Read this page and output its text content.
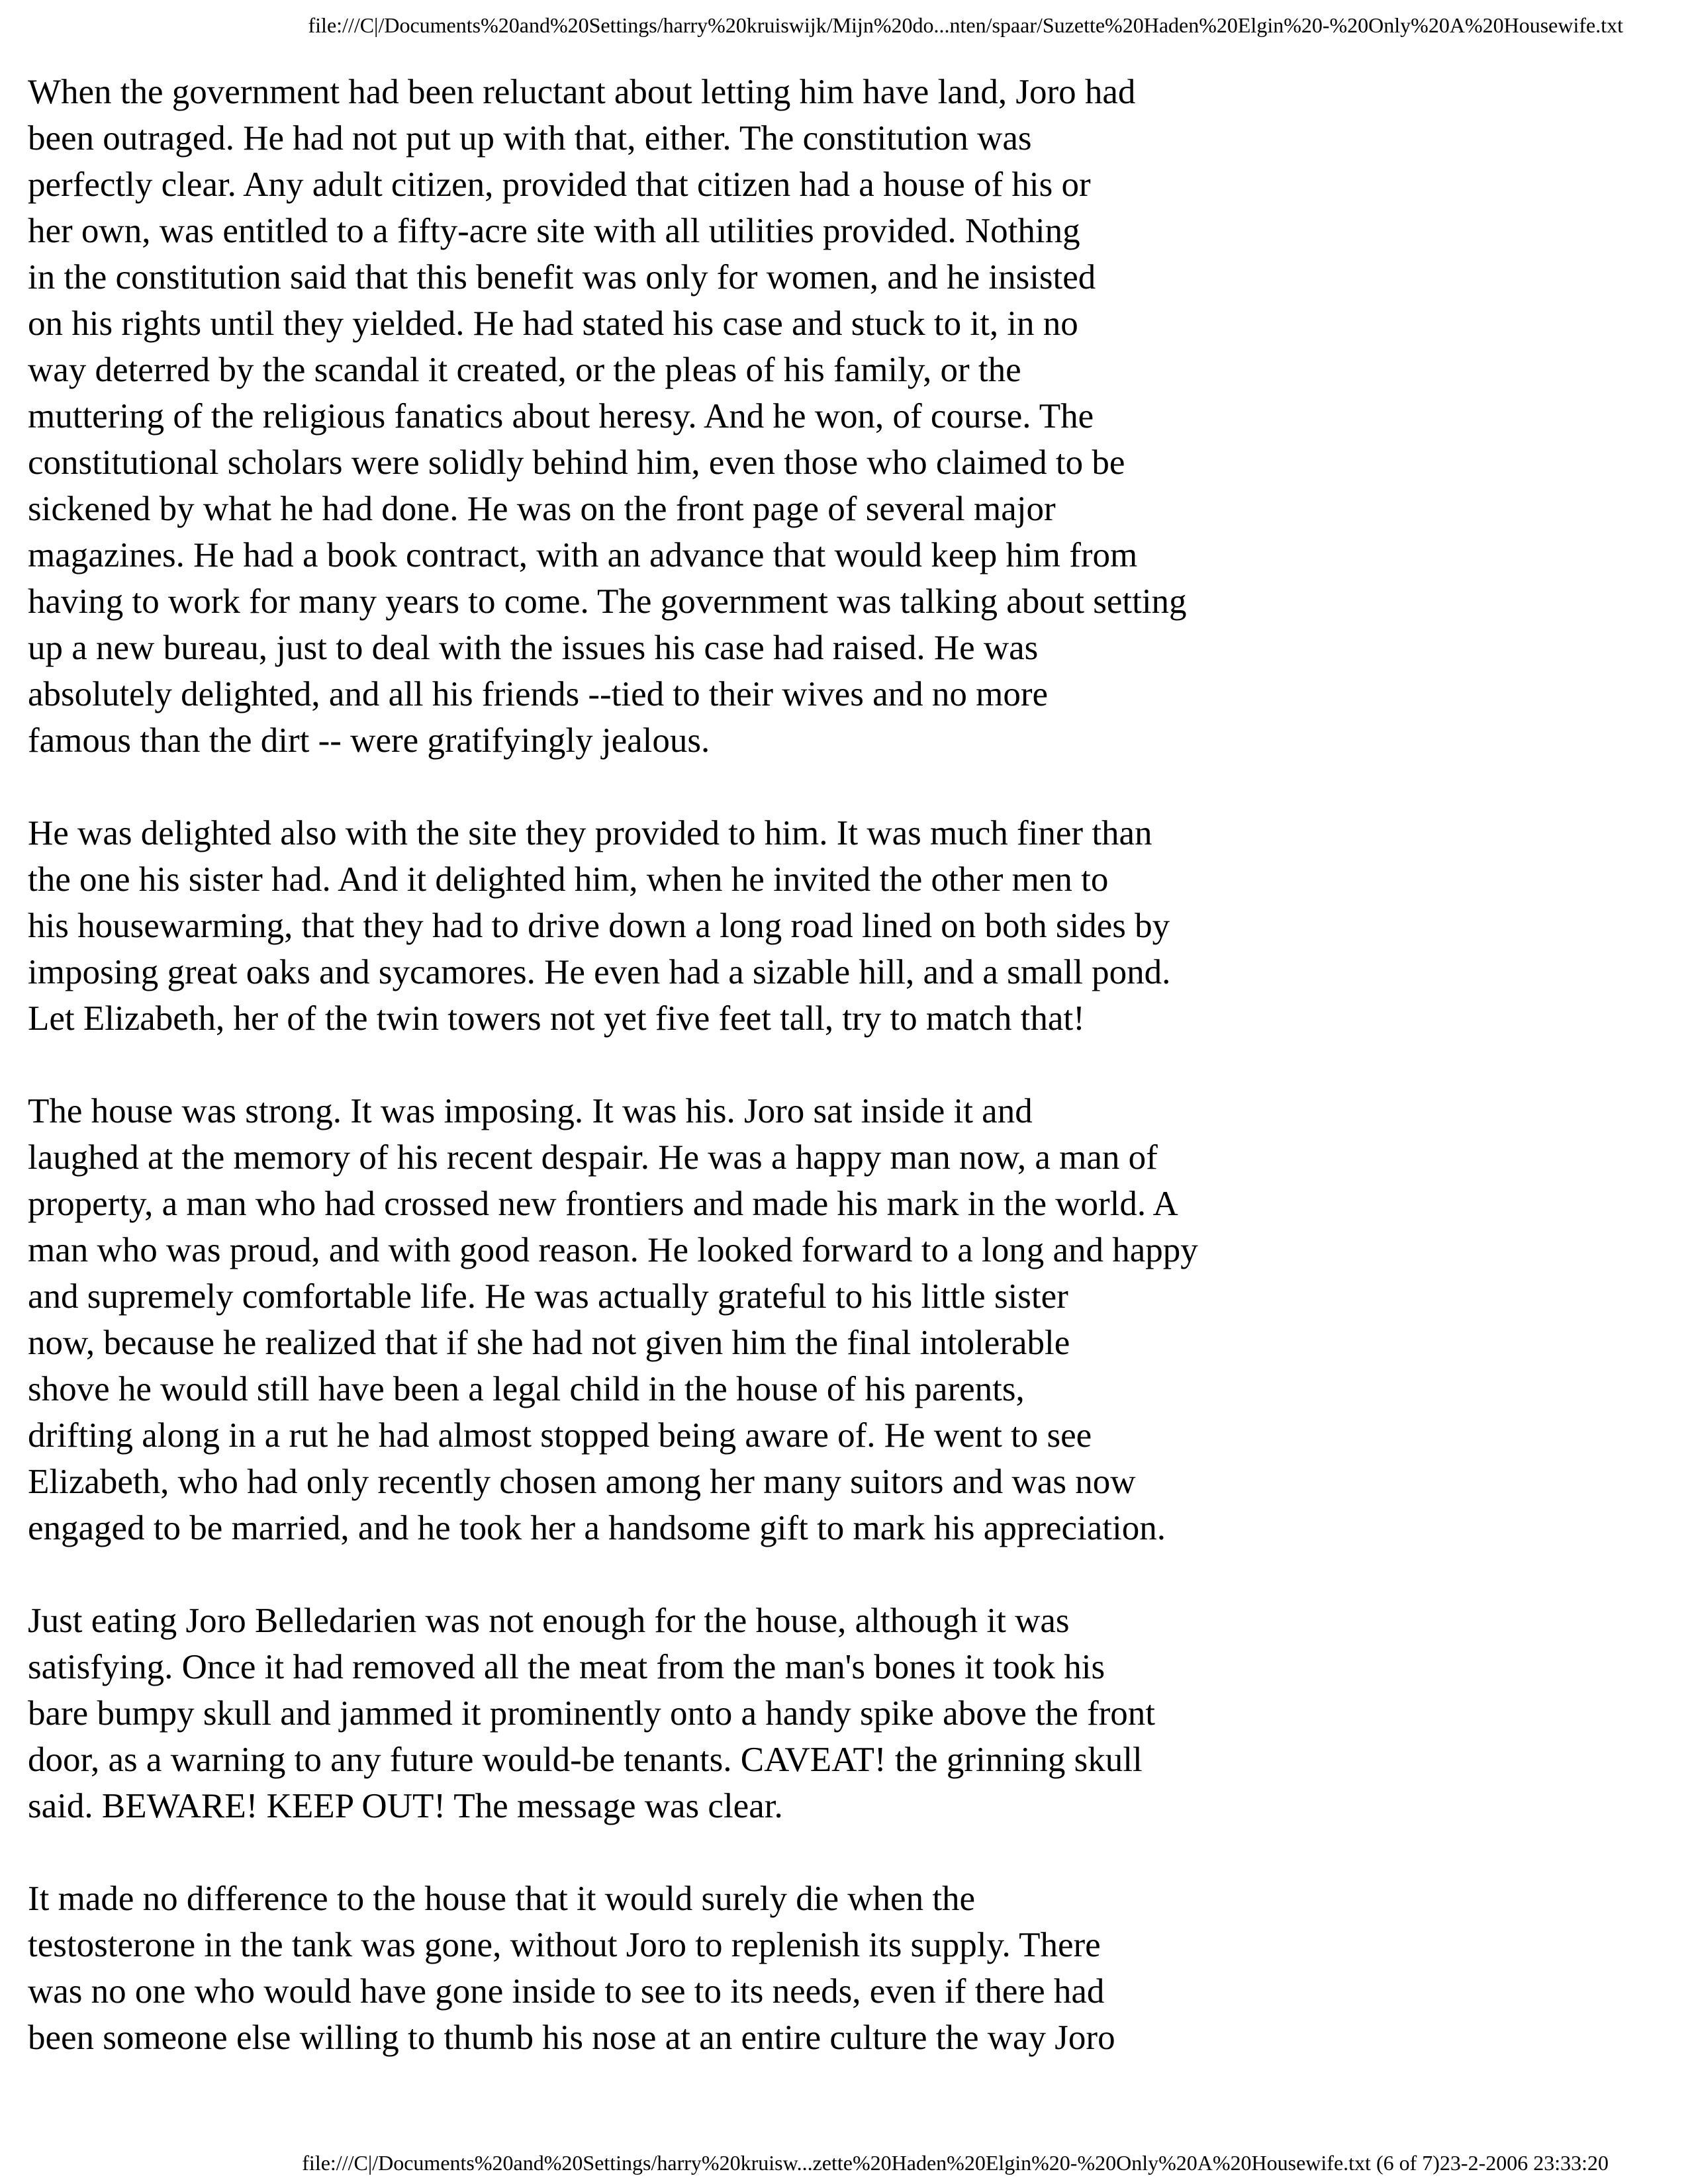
file:///C|/Documents%20and%20Settings/harry%20kruiswijk/Mijn%20do...nten/spaar/Suzette%20Haden%20Elgin%20-%20Only%20A%20Housewife.txt
When the government had been reluctant about letting him have land, Joro had
been outraged. He had not put up with that, either. The constitution was
perfectly clear. Any adult citizen, provided that citizen had a house of his or
her own, was entitled to a fifty-acre site with all utilities provided. Nothing
in the constitution said that this benefit was only for women, and he insisted
on his rights until they yielded. He had stated his case and stuck to it, in no
way deterred by the scandal it created, or the pleas of his family, or the
muttering of the religious fanatics about heresy. And he won, of course. The
constitutional scholars were solidly behind him, even those who claimed to be
sickened by what he had done. He was on the front page of several major
magazines. He had a book contract, with an advance that would keep him from
having to work for many years to come. The government was talking about setting
up a new bureau, just to deal with the issues his case had raised. He was
absolutely delighted, and all his friends --tied to their wives and no more
famous than the dirt -- were gratifyingly jealous.
He was delighted also with the site they provided to him. It was much finer than
the one his sister had. And it delighted him, when he invited the other men to
his housewarming, that they had to drive down a long road lined on both sides by
imposing great oaks and sycamores. He even had a sizable hill, and a small pond.
Let Elizabeth, her of the twin towers not yet five feet tall, try to match that!
The house was strong. It was imposing. It was his. Joro sat inside it and
laughed at the memory of his recent despair. He was a happy man now, a man of
property, a man who had crossed new frontiers and made his mark in the world. A
man who was proud, and with good reason. He looked forward to a long and happy
and supremely comfortable life. He was actually grateful to his little sister
now, because he realized that if she had not given him the final intolerable
shove he would still have been a legal child in the house of his parents,
drifting along in a rut he had almost stopped being aware of. He went to see
Elizabeth, who had only recently chosen among her many suitors and was now
engaged to be married, and he took her a handsome gift to mark his appreciation.
Just eating Joro Belledarien was not enough for the house, although it was
satisfying. Once it had removed all the meat from the man's bones it took his
bare bumpy skull and jammed it prominently onto a handy spike above the front
door, as a warning to any future would-be tenants. CAVEAT! the grinning skull
said. BEWARE! KEEP OUT! The message was clear.
It made no difference to the house that it would surely die when the
testosterone in the tank was gone, without Joro to replenish its supply. There
was no one who would have gone inside to see to its needs, even if there had
been someone else willing to thumb his nose at an entire culture the way Joro
file:///C|/Documents%20and%20Settings/harry%20kruisw...zette%20Haden%20Elgin%20-%20Only%20A%20Housewife.txt (6 of 7)23-2-2006 23:33:20
